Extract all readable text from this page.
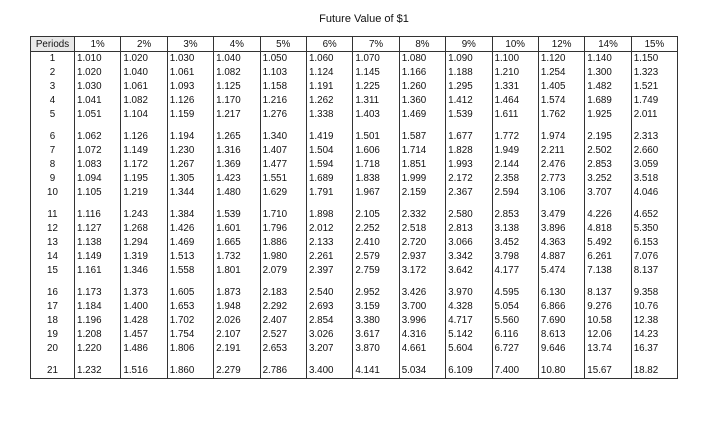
Future Value of $1
Periods	1%	2%	3%	4%	5%	6%	7%	8%	9%	10%	12%	14%	15%
1	1.010	1.020	1.030	1.040	1.050	1.060	1.070	1.080	1.090	1.100	1.120	1.140	1.150
2	1.020	1.040	1.061	1.082	1.103	1.124	1.145	1.166	1.188	1.210	1.254	1.300	1.323
3	1.030	1.061	1.093	1.125	1.158	1.191	1.225	1.260	1.295	1.331	1.405	1.482	1.521
4	1.041	1.082	1.126	1.170	1.216	1.262	1.311	1.360	1.412	1.464	1.574	1.689	1.749
5	1.051	1.104	1.159	1.217	1.276	1.338	1.403	1.469	1.539	1.611	1.762	1.925	2.011
6	1.062	1.126	1.194	1.265	1.340	1.419	1.501	1.587	1.677	1.772	1.974	2.195	2.313
7	1.072	1.149	1.230	1.316	1.407	1.504	1.606	1.714	1.828	1.949	2.211	2.502	2.660
8	1.083	1.172	1.267	1.369	1.477	1.594	1.718	1.851	1.993	2.144	2.476	2.853	3.059
9	1.094	1.195	1.305	1.423	1.551	1.689	1.838	1.999	2.172	2.358	2.773	3.252	3.518
10	1.105	1.219	1.344	1.480	1.629	1.791	1.967	2.159	2.367	2.594	3.106	3.707	4.046
11	1.116	1.243	1.384	1.539	1.710	1.898	2.105	2.332	2.580	2.853	3.479	4.226	4.652
12	1.127	1.268	1.426	1.601	1.796	2.012	2.252	2.518	2.813	3.138	3.896	4.818	5.350
13	1.138	1.294	1.469	1.665	1.886	2.133	2.410	2.720	3.066	3.452	4.363	5.492	6.153
14	1.149	1.319	1.513	1.732	1.980	2.261	2.579	2.937	3.342	3.798	4.887	6.261	7.076
15	1.161	1.346	1.558	1.801	2.079	2.397	2.759	3.172	3.642	4.177	5.474	7.138	8.137
16	1.173	1.373	1.605	1.873	2.183	2.540	2.952	3.426	3.970	4.595	6.130	8.137	9.358
17	1.184	1.400	1.653	1.948	2.292	2.693	3.159	3.700	4.328	5.054	6.866	9.276	10.76
18	1.196	1.428	1.702	2.026	2.407	2.854	3.380	3.996	4.717	5.560	7.690	10.58	12.38
19	1.208	1.457	1.754	2.107	2.527	3.026	3.617	4.316	5.142	6.116	8.613	12.06	14.23
20	1.220	1.486	1.806	2.191	2.653	3.207	3.870	4.661	5.604	6.727	9.646	13.74	16.37
21	1.232	1.516	1.860	2.279	2.786	3.400	4.141	5.034	6.109	7.400	10.80	15.67	18.82
